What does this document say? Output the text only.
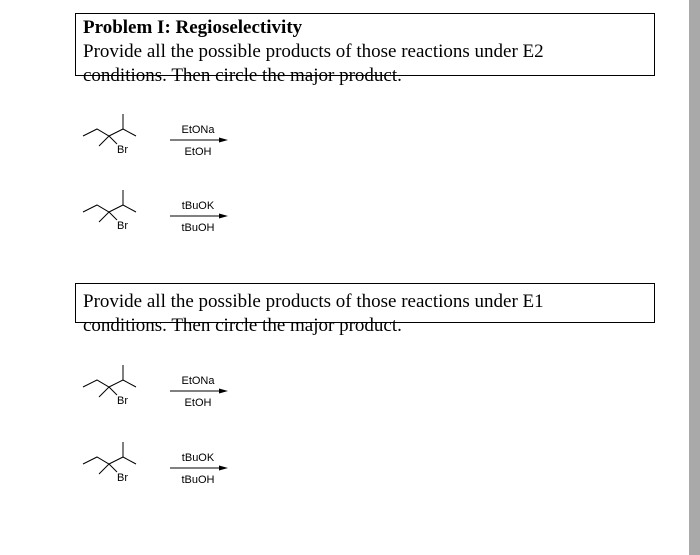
Problem I: Regioselectivity
Provide all the possible products of those reactions under E2
conditions. Then circle the major product.
Provide all the possible products of those reactions under E1
conditions. Then circle the major product.
Br
EtONa
EtOH
Br
tBuOK
tBuOH
Br
EtONa
EtOH
Br
tBuOK
tBuOH
